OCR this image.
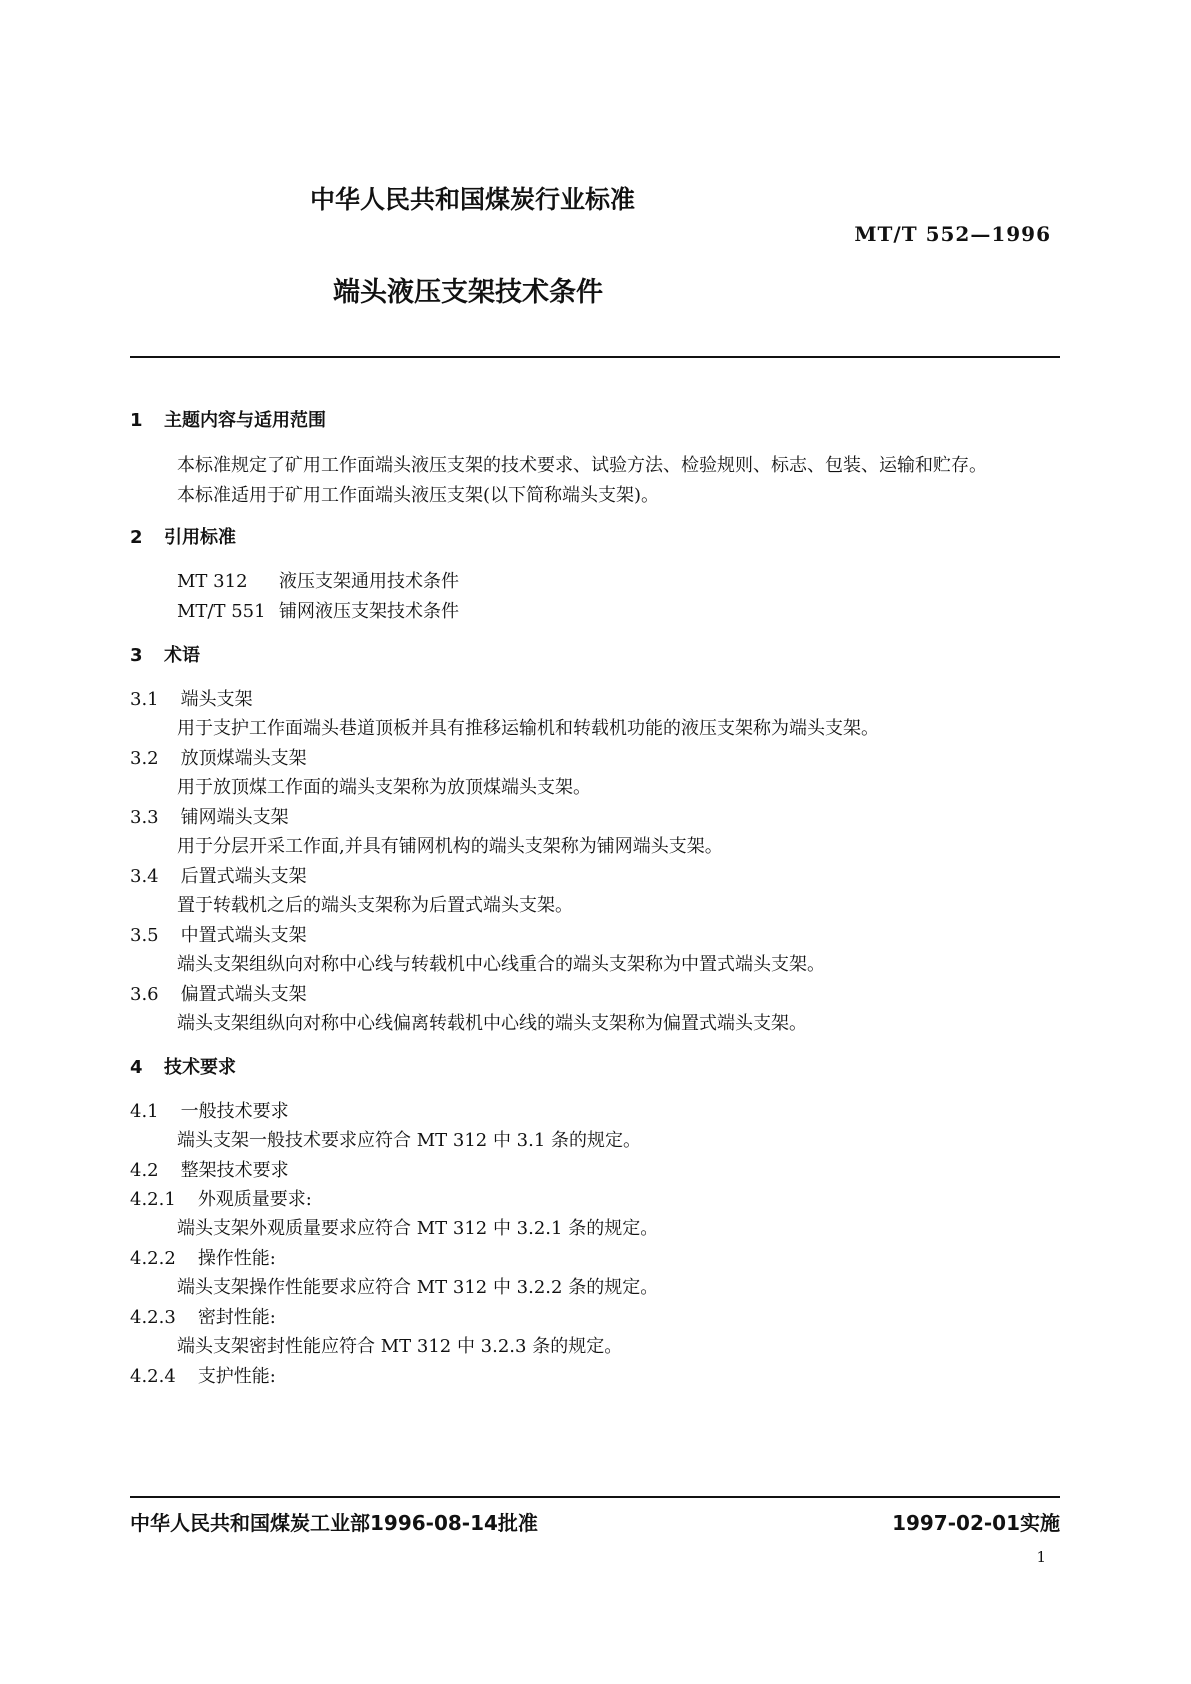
中华人民共和国煤炭行业标准
MT/T 552—1996
端头液压支架技术条件
1 主题内容与适用范围
本标准规定了矿用工作面端头液压支架的技术要求、试验方法、检验规则、标志、包装、运输和贮存。
本标准适用于矿用工作面端头液压支架(以下简称端头支架)。
2 引用标准
MT 312 液压支架通用技术条件
MT/T 551 铺网液压支架技术条件
3 术语
3.1 端头支架
用于支护工作面端头巷道顶板并具有推移运输机和转载机功能的液压支架称为端头支架。
3.2 放顶煤端头支架
用于放顶煤工作面的端头支架称为放顶煤端头支架。
3.3 铺网端头支架
用于分层开采工作面,并具有铺网机构的端头支架称为铺网端头支架。
3.4 后置式端头支架
置于转载机之后的端头支架称为后置式端头支架。
3.5 中置式端头支架
端头支架组纵向对称中心线与转载机中心线重合的端头支架称为中置式端头支架。
3.6 偏置式端头支架
端头支架组纵向对称中心线偏离转载机中心线的端头支架称为偏置式端头支架。
4 技术要求
4.1 一般技术要求
端头支架一般技术要求应符合 MT 312 中 3.1 条的规定。
4.2 整架技术要求
4.2.1 外观质量要求:
端头支架外观质量要求应符合 MT 312 中 3.2.1 条的规定。
4.2.2 操作性能:
端头支架操作性能要求应符合 MT 312 中 3.2.2 条的规定。
4.2.3 密封性能:
端头支架密封性能应符合 MT 312 中 3.2.3 条的规定。
4.2.4 支护性能:
中华人民共和国煤炭工业部1996-08-14批准	1997-02-01实施
1
